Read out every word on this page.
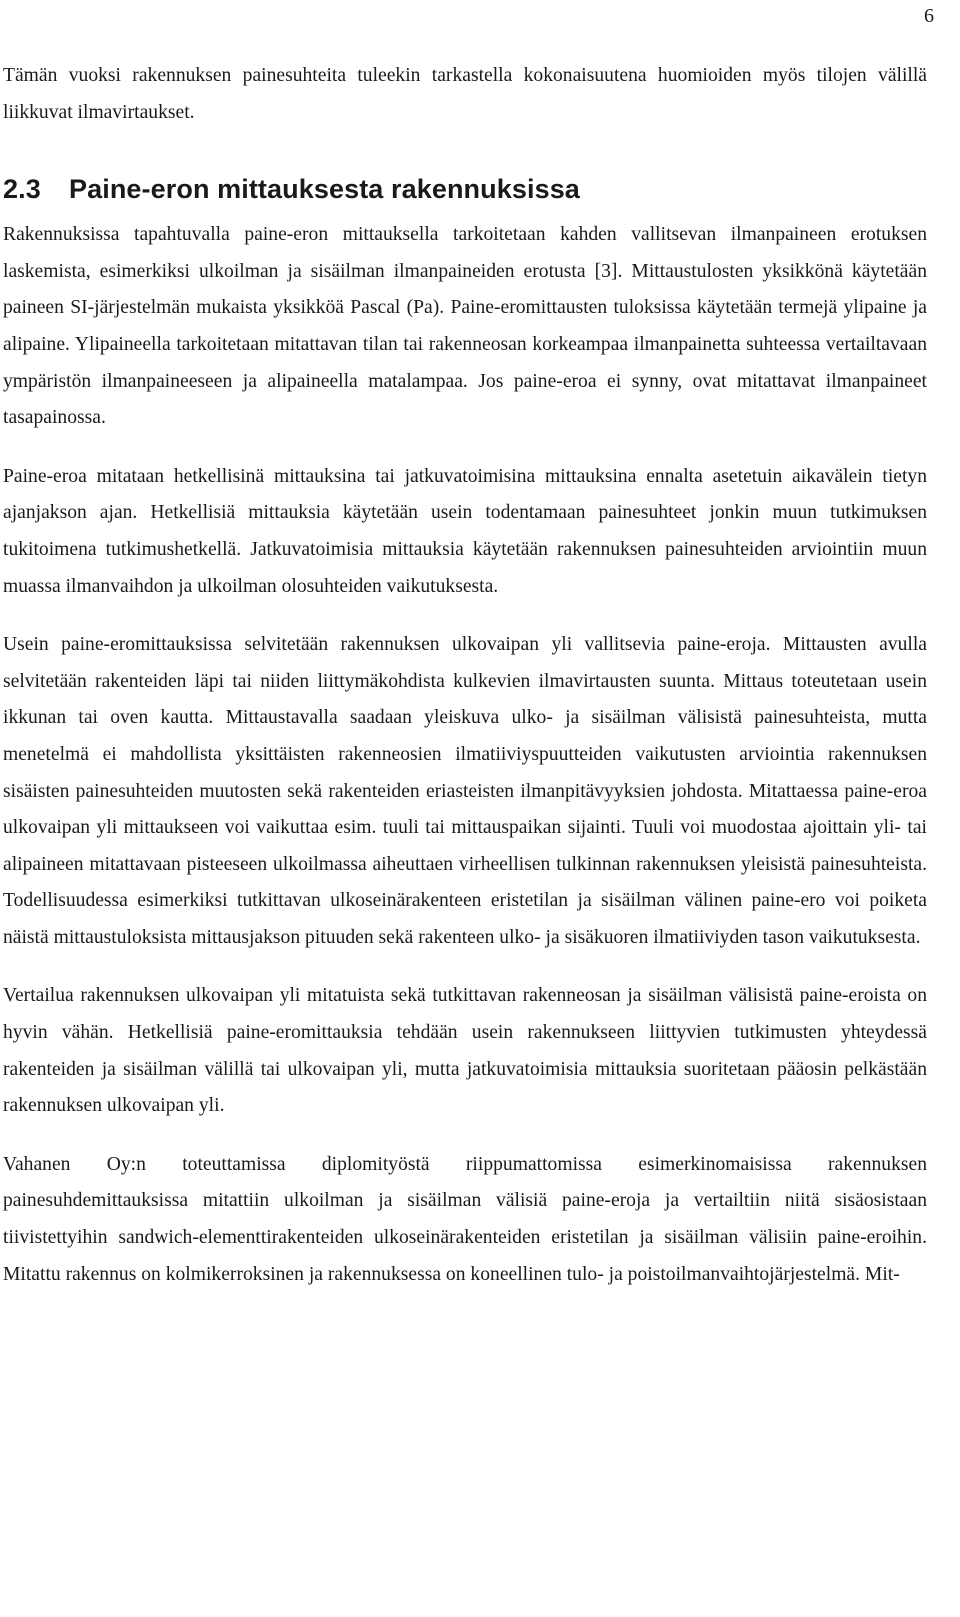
6

Tämän vuoksi rakennuksen painesuhteita tuleekin tarkastella kokonaisuutena huomioiden myös tilojen välillä liikkuvat ilmavirtaukset.

2.3 Paine-eron mittauksesta rakennuksissa

Rakennuksissa tapahtuvalla paine-eron mittauksella tarkoitetaan kahden vallitsevan ilmanpaineen erotuksen laskemista, esimerkiksi ulkoilman ja sisäilman ilmanpaineiden erotusta [3]. Mittaustulosten yksikkönä käytetään paineen SI-järjestelmän mukaista yksikköä Pascal (Pa). Paine-eromittausten tuloksissa käytetään termejä ylipaine ja alipaine. Ylipaineella tarkoitetaan mitattavan tilan tai rakenneosan korkeampaa ilmanpainetta suhteessa vertailtavaan ympäristön ilmanpaineeseen ja alipaineella matalampaa. Jos paine-eroa ei synny, ovat mitattavat ilmanpaineet tasapainossa.

Paine-eroa mitataan hetkellisinä mittauksina tai jatkuvatoimisina mittauksina ennalta asetetuin aikavälein tietyn ajanjakson ajan. Hetkellisiä mittauksia käytetään usein todentamaan painesuhteet jonkin muun tutkimuksen tukitoimena tutkimushetkellä. Jatkuvatoimisia mittauksia käytetään rakennuksen painesuhteiden arviointiin muun muassa ilmanvaihdon ja ulkoilman olosuhteiden vaikutuksesta.

Usein paine-eromittauksissa selvitetään rakennuksen ulkovaipan yli vallitsevia paine-eroja. Mittausten avulla selvitetään rakenteiden läpi tai niiden liittymäkohdista kulkevien ilmavirtausten suunta. Mittaus toteutetaan usein ikkunan tai oven kautta. Mittaustavalla saadaan yleiskuva ulko- ja sisäilman välisistä painesuhteista, mutta menetelmä ei mahdollista yksittäisten rakenneosien ilmatiiviyspuutteiden vaikutusten arviointia rakennuksen sisäisten painesuhteiden muutosten sekä rakenteiden eriasteisten ilmanpitävyyksien johdosta. Mitattaessa paine-eroa ulkovaipan yli mittaukseen voi vaikuttaa esim. tuuli tai mittauspaikan sijainti. Tuuli voi muodostaa ajoittain yli- tai alipaineen mitattavaan pisteeseen ulkoilmassa aiheuttaen virheellisen tulkinnan rakennuksen yleisistä painesuhteista. Todellisuudessa esimerkiksi tutkittavan ulkoseinärakenteen eristetilan ja sisäilman välinen paine-ero voi poiketa näistä mittaustuloksista mittausjakson pituuden sekä rakenteen ulko- ja sisäkuoren ilmatiiviyden tason vaikutuksesta.

Vertailua rakennuksen ulkovaipan yli mitatuista sekä tutkittavan rakenneosan ja sisäilman välisistä paine-eroista on hyvin vähän. Hetkellisiä paine-eromittauksia tehdään usein rakennukseen liittyvien tutkimusten yhteydessä rakenteiden ja sisäilman välillä tai ulkovaipan yli, mutta jatkuvatoimisia mittauksia suoritetaan pääosin pelkästään rakennuksen ulkovaipan yli.

Vahanen Oy:n toteuttamissa diplomityöstä riippumattomissa esimerkinomaisissa rakennuksen painesuhdemittauksissa mitattiin ulkoilman ja sisäilman välisiä paine-eroja ja vertailtiin niitä sisäosistaan tiivistettyihin sandwich-elementtirakenteiden ulkoseinärakenteiden eristetilan ja sisäilman välisiin paine-eroihin. Mitattu rakennus on kolmikerroksinen ja rakennuksessa on koneellinen tulo- ja poistoilmanvaihtojärjestelmä. Mit-
